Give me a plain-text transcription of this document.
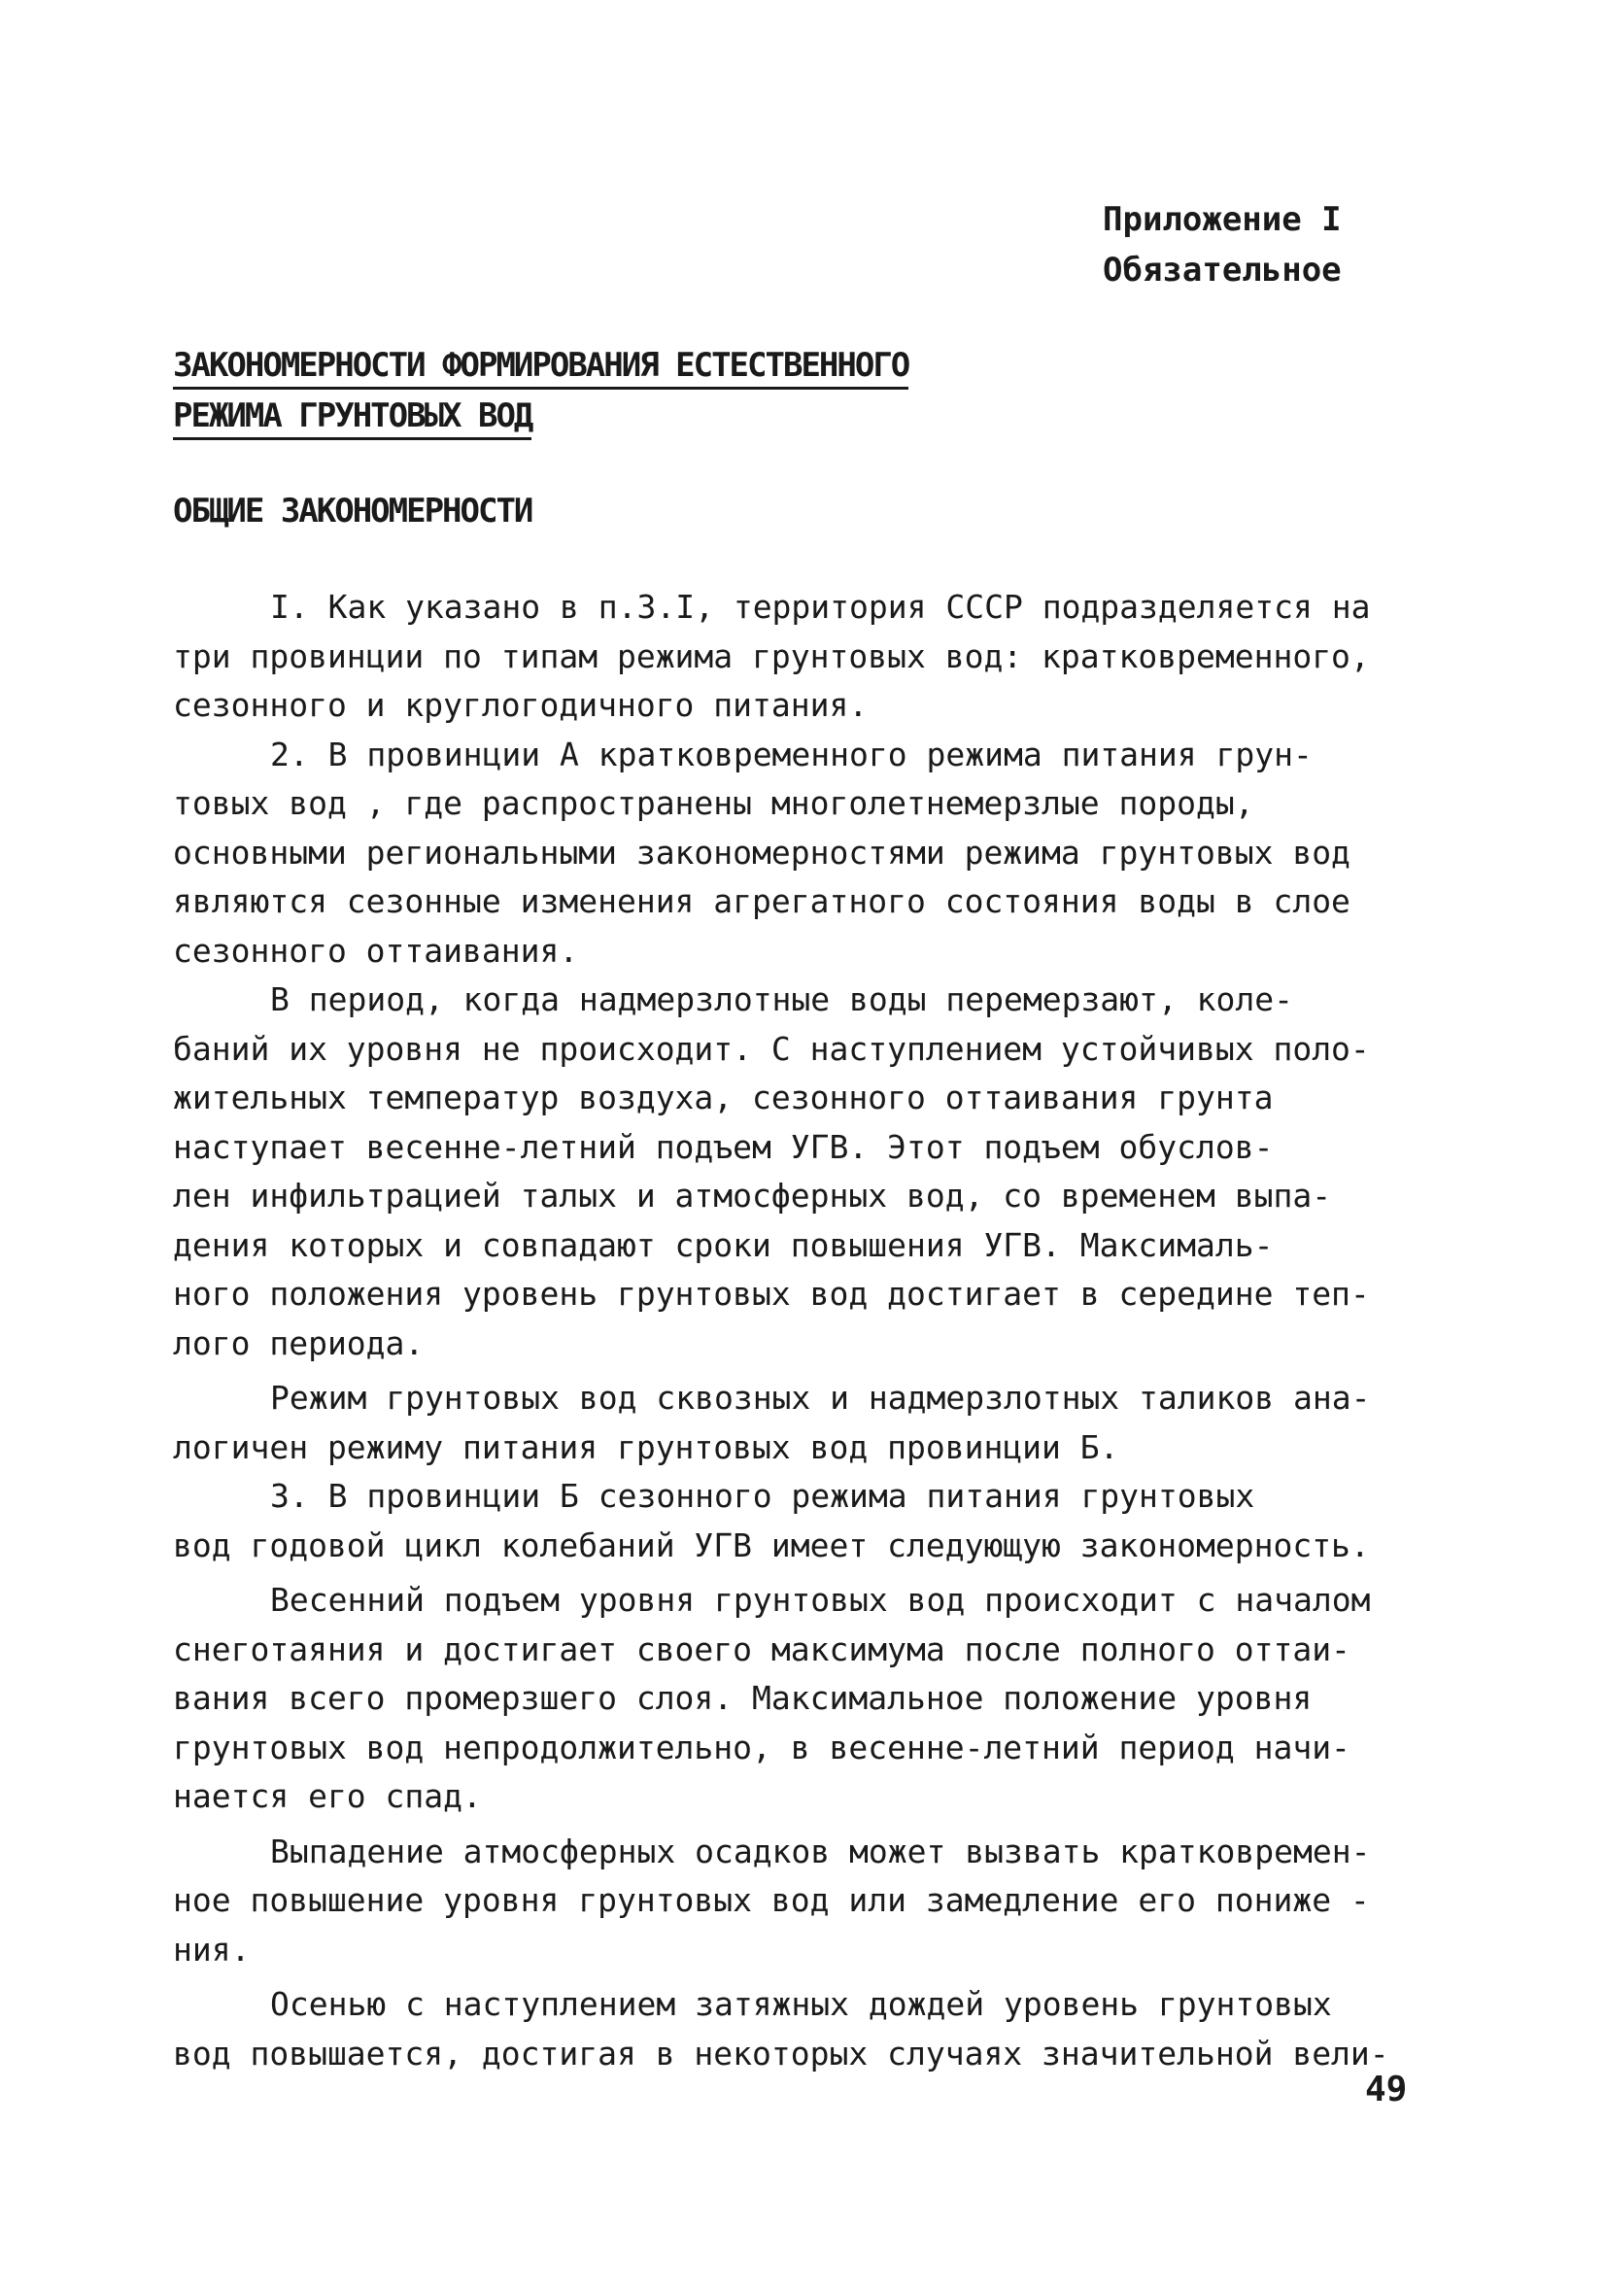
Приложение I
Обязательное
ЗАКОНОМЕРНОСТИ ФОРМИРОВАНИЯ ЕСТЕСТВЕННОГО
РЕЖИМА ГРУНТОВЫХ ВОД
ОБЩИЕ ЗАКОНОМЕРНОСТИ
I. Как указано в п.3.I, территория СССР подразделяется на
три провинции по типам режима грунтовых вод: кратковременного,
сезонного и круглогодичного питания.
2. В провинции А кратковременного режима питания грун-
товых вод , где распространены многолетнемерзлые породы,
основными региональными закономерностями режима грунтовых вод
являются сезонные изменения агрегатного состояния воды в слое
сезонного оттаивания.
В период, когда надмерзлотные воды перемерзают, коле-
баний их уровня не происходит. С наступлением устойчивых поло-
жительных температур воздуха, сезонного оттаивания грунта
наступает весенне-летний подъем УГВ. Этот подъем обуслов-
лен инфильтрацией талых и атмосферных вод, со временем выпа-
дения которых и совпадают сроки повышения УГВ. Максималь-
ного положения уровень грунтовых вод достигает в середине теп-
лого периода.
Режим грунтовых вод сквозных и надмерзлотных таликов ана-
логичен режиму питания грунтовых вод провинции Б.
3. В провинции Б сезонного режима питания грунтовых
вод годовой цикл колебаний УГВ имеет следующую закономерность.
Весенний подъем уровня грунтовых вод происходит с началом
снеготаяния и достигает своего максимума после полного оттаи-
вания всего промерзшего слоя. Максимальное положение уровня
грунтовых вод непродолжительно, в весенне-летний период начи-
нается его спад.
Выпадение атмосферных осадков может вызвать кратковремен-
ное повышение уровня грунтовых вод или замедление его пониже -
ния.
Осенью с наступлением затяжных дождей уровень грунтовых
вод повышается, достигая в некоторых случаях значительной вели-
49
